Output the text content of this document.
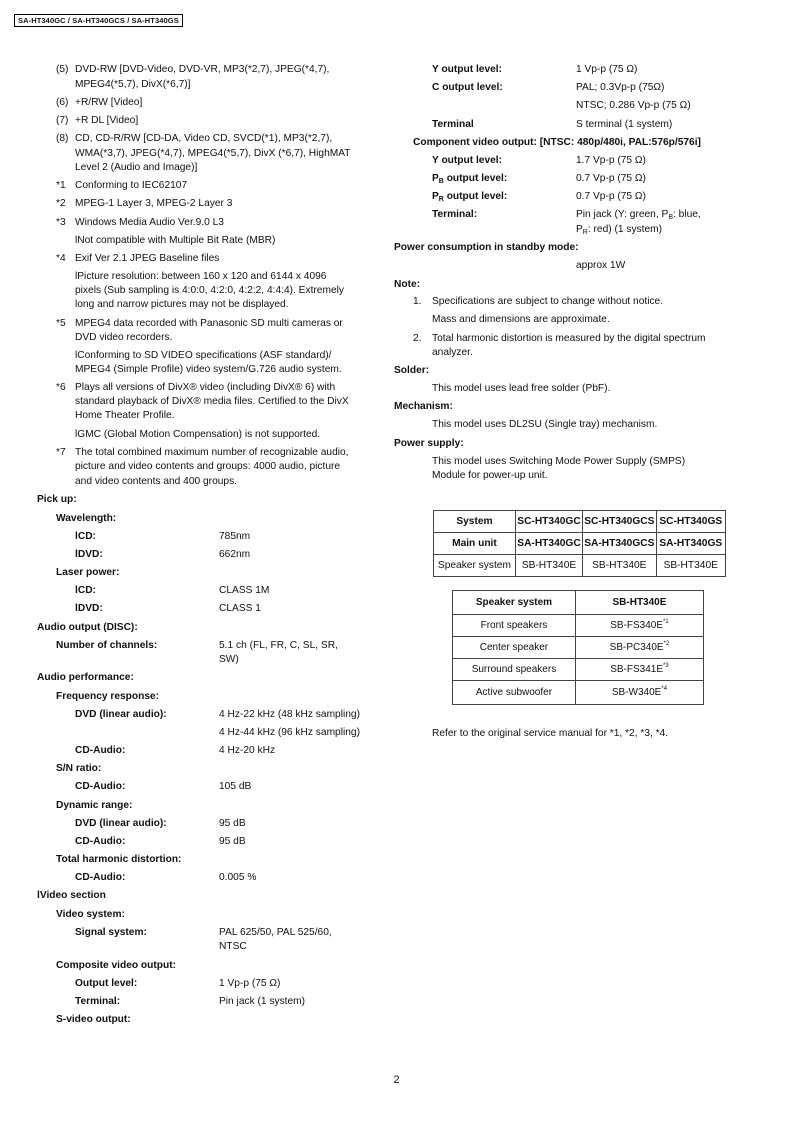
SA-HT340GC / SA-HT340GCS / SA-HT340GS
(5) DVD-RW [DVD-Video, DVD-VR, MP3(*2,7), JPEG(*4,7),
MPEG4(*5,7), DivX(*6,7)]
(6) +R/RW [Video]
(7) +R DL [Video]
(8) CD, CD-R/RW [CD-DA, Video CD, SVCD(*1), MP3(*2,7),
WMA(*3,7), JPEG(*4,7), MPEG4(*5,7), DivX (*6,7), HighMAT
Level 2 (Audio and Image)]
*1 Conforming to IEC62107
*2 MPEG-1 Layer 3, MPEG-2 Layer 3
*3 Windows Media Audio Ver.9.0 L3
lNot compatible with Multiple Bit Rate (MBR)
*4 Exif Ver 2.1 JPEG Baseline files
lPicture resolution: between 160 x 120 and 6144 x 4096
pixels (Sub sampling is 4:0:0, 4:2:0, 4:2:2, 4:4:4). Extremely
long and narrow pictures may not be displayed.
*5 MPEG4 data recorded with Panasonic SD multi cameras or
DVD video recorders.
lConforming to SD VIDEO specifications (ASF standard)/
MPEG4 (Simple Profile) video system/G.726 audio system.
*6 Plays all versions of DivX® video (including DivX® 6) with
standard playback of DivX® media files. Certified to the DivX
Home Theater Profile.
lGMC (Global Motion Compensation) is not supported.
*7 The total combined maximum number of recognizable audio,
picture and video contents and groups: 4000 audio, picture
and video contents and 400 groups.
Pick up:
Wavelength:
lCD:	785nm
lDVD:	662nm
Laser power:
lCD:	CLASS 1M
lDVD:	CLASS 1
Audio output (DISC):
Number of channels:	5.1 ch (FL, FR, C, SL, SR,
SW)
Audio performance:
Frequency response:
DVD (linear audio):	4 Hz-22 kHz (48 kHz sampling)
4 Hz-44 kHz (96 kHz sampling)
CD-Audio:	4 Hz-20 kHz
S/N ratio:
CD-Audio:	105 dB
Dynamic range:
DVD (linear audio):	95 dB
CD-Audio:	95 dB
Total harmonic distortion:
CD-Audio:	0.005 %
lVideo section
Video system:
Signal system:	PAL 625/50, PAL 525/60,
NTSC
Composite video output:
Output level:	1 Vp-p (75 Ω)
Terminal:	Pin jack (1 system)
S-video output:
Y output level:	1 Vp-p (75 Ω)
C output level:	PAL; 0.3Vp-p (75Ω)
NTSC; 0.286 Vp-p (75 Ω)
Terminal	S terminal (1 system)
Component video output: [NTSC: 480p/480i, PAL:576p/576i]
Y output level:	1.7 Vp-p (75 Ω)
$P_B$ output level:	0.7 Vp-p (75 Ω)
$P_R$ output level:	0.7 Vp-p (75 Ω)
Terminal:	Pin jack (Y: green, $P_B$: blue,
$P_R$: red) (1 system)
Power consumption in standby mode:
approx 1W
Note:
1. Specifications are subject to change without notice.
Mass and dimensions are approximate.
2. Total harmonic distortion is measured by the digital spectrum
analyzer.
Solder:
This model uses lead free solder (PbF).
Mechanism:
This model uses DL2SU (Single tray) mechanism.
Power supply:
This model uses Switching Mode Power Supply (SMPS)
Module for power-up unit.
System	SC-HT340GC	SC-HT340GCS	SC-HT340GS
Main unit	SA-HT340GC	SA-HT340GCS	SA-HT340GS
Speaker system	SB-HT340E	SB-HT340E	SB-HT340E
Speaker system	SB-HT340E
Front speakers	$SB-FS340E^{*1}$
Center speaker	$SB-PC340E^{*2}$
Surround speakers	$SB-FS341E^{*3}$
Active subwoofer	$SB-W340E^{*4}$
Refer to the original service manual for *1, *2, *3, *4.
2
